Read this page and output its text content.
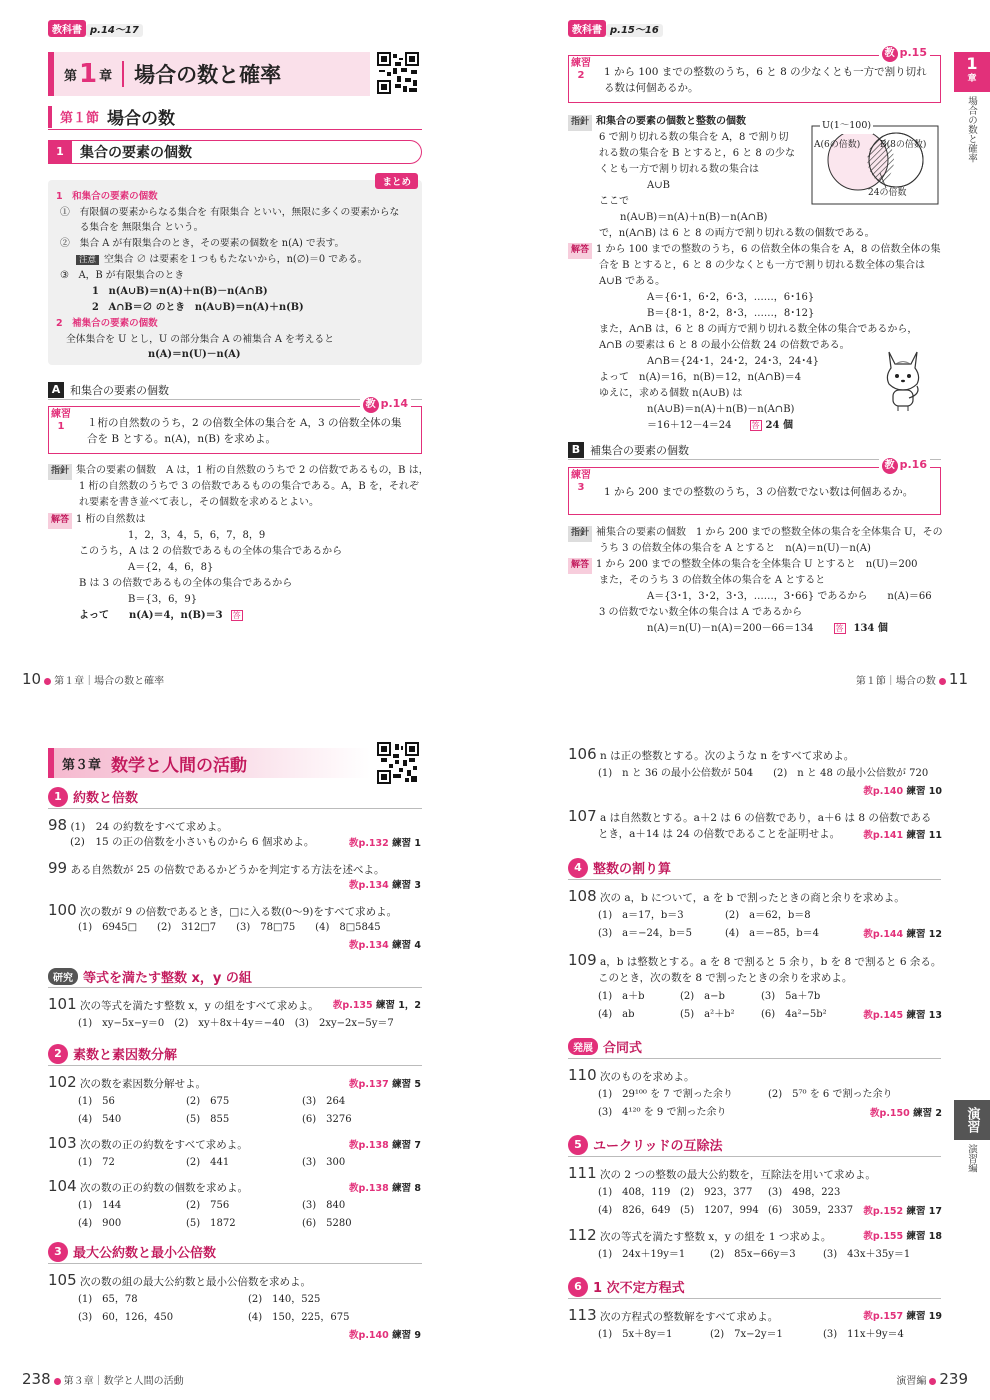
教科書 p.14〜17
第 1 章 場合の数と確率
第１節 場合の数
1	集合の要素の個数
まとめ
1　和集合の要素の個数
①　有限個の要素からなる集合を 有限集合 といい，無限に多くの要素からな
　　る集合を 無限集合 という。
②　集合 A が有限集合のとき，その要素の個数を n(A) で表す。
注意 空集合 ∅ は要素を１つももたないから，n(∅)＝0 である。
③　A，B が有限集合のとき
1　n(A∪B)＝n(A)＋n(B)－n(A∩B)
2　A∩B＝∅ のとき　n(A∪B)＝n(A)＋n(B)
2　補集合の要素の個数
全体集合を U とし，U の部分集合 A の補集合 A を考えると
n(A)＝n(U)－n(A)
A 和集合の要素の個数
練習
1
教 p.14
１桁の自然数のうち，2 の倍数全体の集合を A，3 の倍数全体の集
合を B とする。n(A)，n(B) を求めよ。
指針 集合の要素の個数　A は，1 桁の自然数のうちで 2 の倍数であるもの，B は，
1 桁の自然数のうちで 3 の倍数であるものの集合である。A，B を，それぞ
れ要素を書き並べて表し，その個数を求めるとよい。
解答 1 桁の自然数は
1，2，3，4，5，6，7，8，9
このうち，A は 2 の倍数であるもの全体の集合であるから
A＝{2，4，6，8}
B は 3 の倍数であるもの全体の集合であるから
B＝{3，6，9}
よって　　n(A)＝4，n(B)＝3 答
10 第１章｜場合の数と確率
教科書 p.15〜16
練習
2
教 p.15
1 から 100 までの整数のうち，6 と 8 の少なくとも一方で割り切れ
る数は何個あるか。
指針 和集合の要素の個数と整数の個数
6 で割り切れる数の集合を A，8 で割り切
れる数の集合を B とすると，6 と 8 の少な
くとも一方で割り切れる数の集合は
A∪B
ここで
n(A∪B)＝n(A)＋n(B)－n(A∩B)
で，n(A∩B) は 6 と 8 の両方で割り切れる数の個数である。
U(1〜100)
A(6の倍数) B(8の倍数)
24の倍数
解答 1 から 100 までの整数のうち，6 の倍数全体の集合を A，8 の倍数全体の集
合を B とすると，6 と 8 の少なくとも一方で割り切れる数全体の集合は
A∪B である。
A＝{6･1，6･2，6･3，……，6･16}
B＝{8･1，8･2，8･3，……，8･12}
また，A∩B は，6 と 8 の両方で割り切れる数全体の集合であるから，
A∩B の要素は 6 と 8 の最小公倍数 24 の倍数である。
A∩B＝{24･1，24･2，24･3，24･4}
よって　n(A)＝16，n(B)＝12，n(A∩B)＝4
ゆえに，求める個数 n(A∪B) は
n(A∪B)＝n(A)＋n(B)－n(A∩B)
＝16＋12－4＝24	答 24 個
B 補集合の要素の個数
練習
3
教 p.16
1 から 200 までの整数のうち，3 の倍数でない数は何個あるか。
指針 補集合の要素の個数　1 から 200 までの整数全体の集合を全体集合 U，その
うち 3 の倍数全体の集合を A とすると　n(A)＝n(U)－n(A)
解答 1 から 200 までの整数全体の集合を全体集合 U とすると　n(U)＝200
また，そのうち 3 の倍数全体の集合を A とすると
A＝{3･1，3･2，3･3，……，3･66} であるから　　n(A)＝66
3 の倍数でない数全体の集合は A であるから
n(A)＝n(U)－n(A)＝200－66＝134	答 134 個
1
章
場合の数と確率
第１節｜場合の数 11
第３章 数学と人間の活動
1 約数と倍数
98 (1)　24 の約数をすべて求めよ。
(2)　15 の正の倍数を小さいものから 6 個求めよ。	教p.132 練習 1
99 ある自然数が 25 の倍数であるかどうかを判定する方法を述べよ。
教p.134 練習 3
100 次の数が 9 の倍数であるとき，□に入る数(0〜9)をすべて求めよ。
(1)　6945□　　(2)　312□7　　(3)　78□75　　(4)　8□5845
教p.134 練習 4
研究 等式を満たす整数 x，y の組
101 次の等式を満たす整数 x，y の組をすべて求めよ。 教p.135 練習 1，2
(1)　xy−5x−y＝0　(2)　xy＋8x＋4y＝−40　(3)　2xy−2x−5y＝7
2 素数と素因数分解
102 次の数を素因数分解せよ。	教p.137 練習 5
(1)　56	(2)　675	(3)　264
(4)　540	(5)　855	(6)　3276
103 次の数の正の約数をすべて求めよ。	教p.138 練習 7
(1)　72	(2)　441	(3)　300
104 次の数の正の約数の個数を求めよ。	教p.138 練習 8
(1)　144	(2)　756	(3)　840
(4)　900	(5)　1872	(6)　5280
3 最大公約数と最小公倍数
105 次の数の組の最大公約数と最小公倍数を求めよ。
(1)　65，78	(2)　140，525
(3)　60，126，450	(4)　150，225，675
教p.140 練習 9
238 第３章｜数学と人間の活動
106 n は正の整数とする。次のような n をすべて求めよ。
(1)　n と 36 の最小公倍数が 504　　(2)　n と 48 の最小公倍数が 720
教p.140 練習 10
107 a は自然数とする。a＋2 は 6 の倍数であり，a＋6 は 8 の倍数である
とき，a＋14 は 24 の倍数であることを証明せよ。 教p.141 練習 11
4 整数の割り算
108 次の a，b について，a を b で割ったときの商と余りを求めよ。
(1)　a＝17，b＝3	(2)　a＝62，b＝8
(3)　a＝−24，b＝5	(4)　a＝−85，b＝4	教p.144 練習 12
109 a，b は整数とする。a を 8 で割ると 5 余り，b を 8 で割ると 6 余る。
このとき，次の数を 8 で割ったときの余りを求めよ。
(1)　a＋b	(2)　a−b	(3)　5a＋7b
(4)　ab	(5)　a²＋b²	(6)　4a²−5b²	教p.145 練習 13
発展 合同式
110 次のものを求めよ。
(1)　29¹⁰⁰ を 7 で割った余り	(2)　5⁷⁰ を 6 で割った余り
(3)　4¹²⁰ を 9 で割った余り	教p.150 練習 2
5 ユークリッドの互除法
111 次の 2 つの整数の最大公約数を，互除法を用いて求めよ。
(1)　408，119 (2)　923，377 (3)　498，223
(4)　826，649 (5)　1207，994 (6)　3059，2337 教p.152 練習 17
112 次の等式を満たす整数 x，y の組を 1 つ求めよ。	教p.155 練習 18
(1)　24x＋19y＝1 (2)　85x−66y＝3	(3)　43x＋35y＝1
6 1 次不定方程式
113 次の方程式の整数解をすべて求めよ。	教p.157 練習 19
(1)　5x＋8y＝1	(2)　7x−2y＝1	(3)　11x＋9y＝4
演習
演習編
演習編 239
